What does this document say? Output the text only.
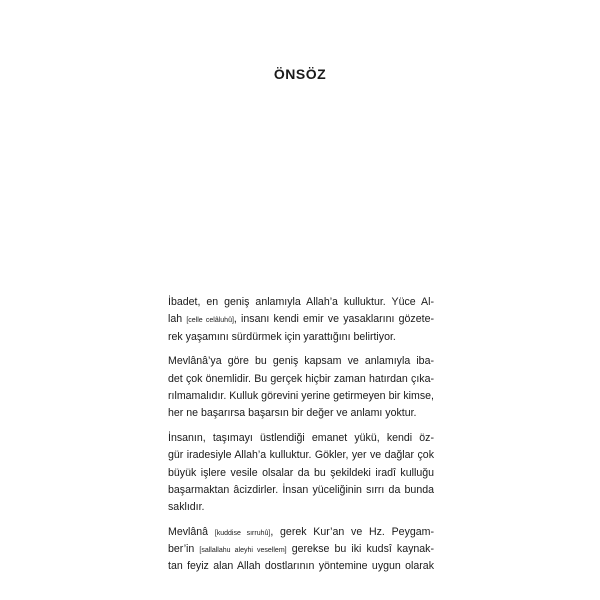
ÖNSÖZ

İbadet, en geniş anlamıyla Allah’a kulluktur. Yüce Al-
lah [celle celâluhû], insanı kendi emir ve yasaklarını gözete-
rek yaşamını sürdürmek için yarattığını belirtiyor.

Mevlânâ’ya göre bu geniş kapsam ve anlamıyla iba-
det çok önemlidir. Bu gerçek hiçbir zaman hatırdan çıka-
rılmamalıdır. Kulluk görevini yerine getirmeyen bir kimse,
her ne başarırsa başarsın bir değer ve anlamı yoktur.

İnsanın, taşımayı üstlendiği emanet yükü, kendi öz-
gür iradesiyle Allah’a kulluktur. Gökler, yer ve dağlar çok
büyük işlere vesile olsalar da bu şekildeki iradî kulluğu
başarmaktan âcizdirler. İnsan yüceliğinin sırrı da bunda
saklıdır.

Mevlânâ [kuddise sırruhû], gerek Kur’an ve Hz. Peygam-
ber’in [sallallahu aleyhi vesellem] gerekse bu iki kudsî kaynak-
tan feyiz alan Allah dostlarının yöntemine uygun olarak
